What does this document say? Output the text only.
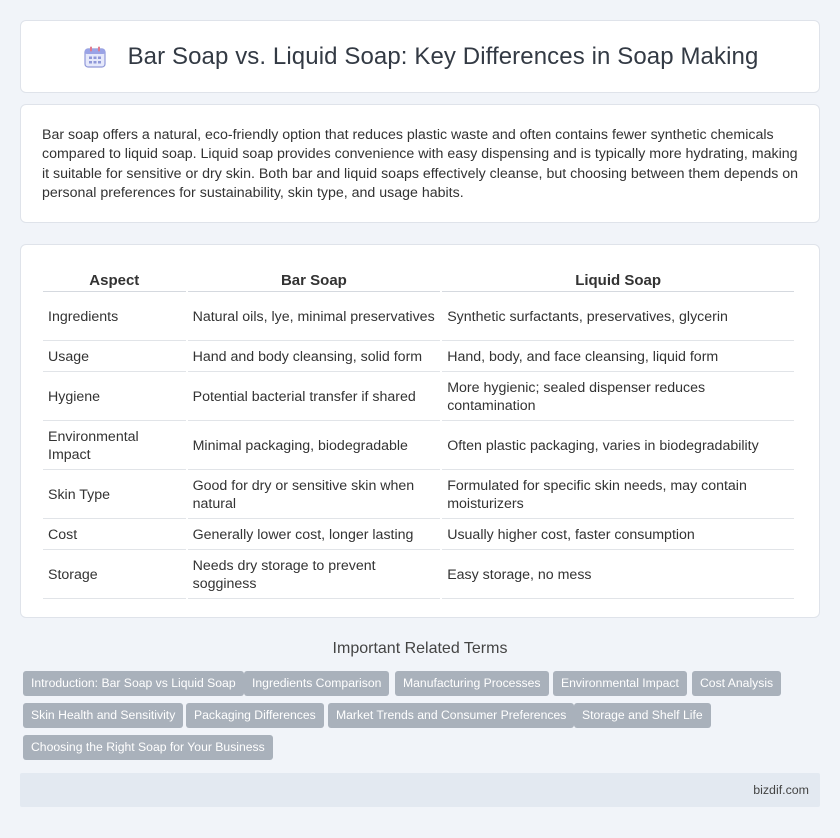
Bar Soap vs. Liquid Soap: Key Differences in Soap Making

Bar soap offers a natural, eco-friendly option that reduces plastic waste and often contains fewer synthetic chemicals compared to liquid soap. Liquid soap provides convenience with easy dispensing and is typically more hydrating, making it suitable for sensitive or dry skin. Both bar and liquid soaps effectively cleanse, but choosing between them depends on personal preferences for sustainability, skin type, and usage habits.

Aspect	Bar Soap	Liquid Soap
Ingredients	Natural oils, lye, minimal preservatives	Synthetic surfactants, preservatives, glycerin
Usage	Hand and body cleansing, solid form	Hand, body, and face cleansing, liquid form
Hygiene	Potential bacterial transfer if shared	More hygienic; sealed dispenser reduces contamination
Environmental Impact	Minimal packaging, biodegradable	Often plastic packaging, varies in biodegradability
Skin Type	Good for dry or sensitive skin when natural	Formulated for specific skin needs, may contain moisturizers
Cost	Generally lower cost, longer lasting	Usually higher cost, faster consumption
Storage	Needs dry storage to prevent sogginess	Easy storage, no mess
Important Related Terms
Introduction: Bar Soap vs Liquid Soap	Ingredients Comparison	Manufacturing Processes	Environmental Impact	Cost Analysis
Skin Health and Sensitivity	Packaging Differences	Market Trends and Consumer Preferences	Storage and Shelf Life
Choosing the Right Soap for Your Business
bizdif.com
